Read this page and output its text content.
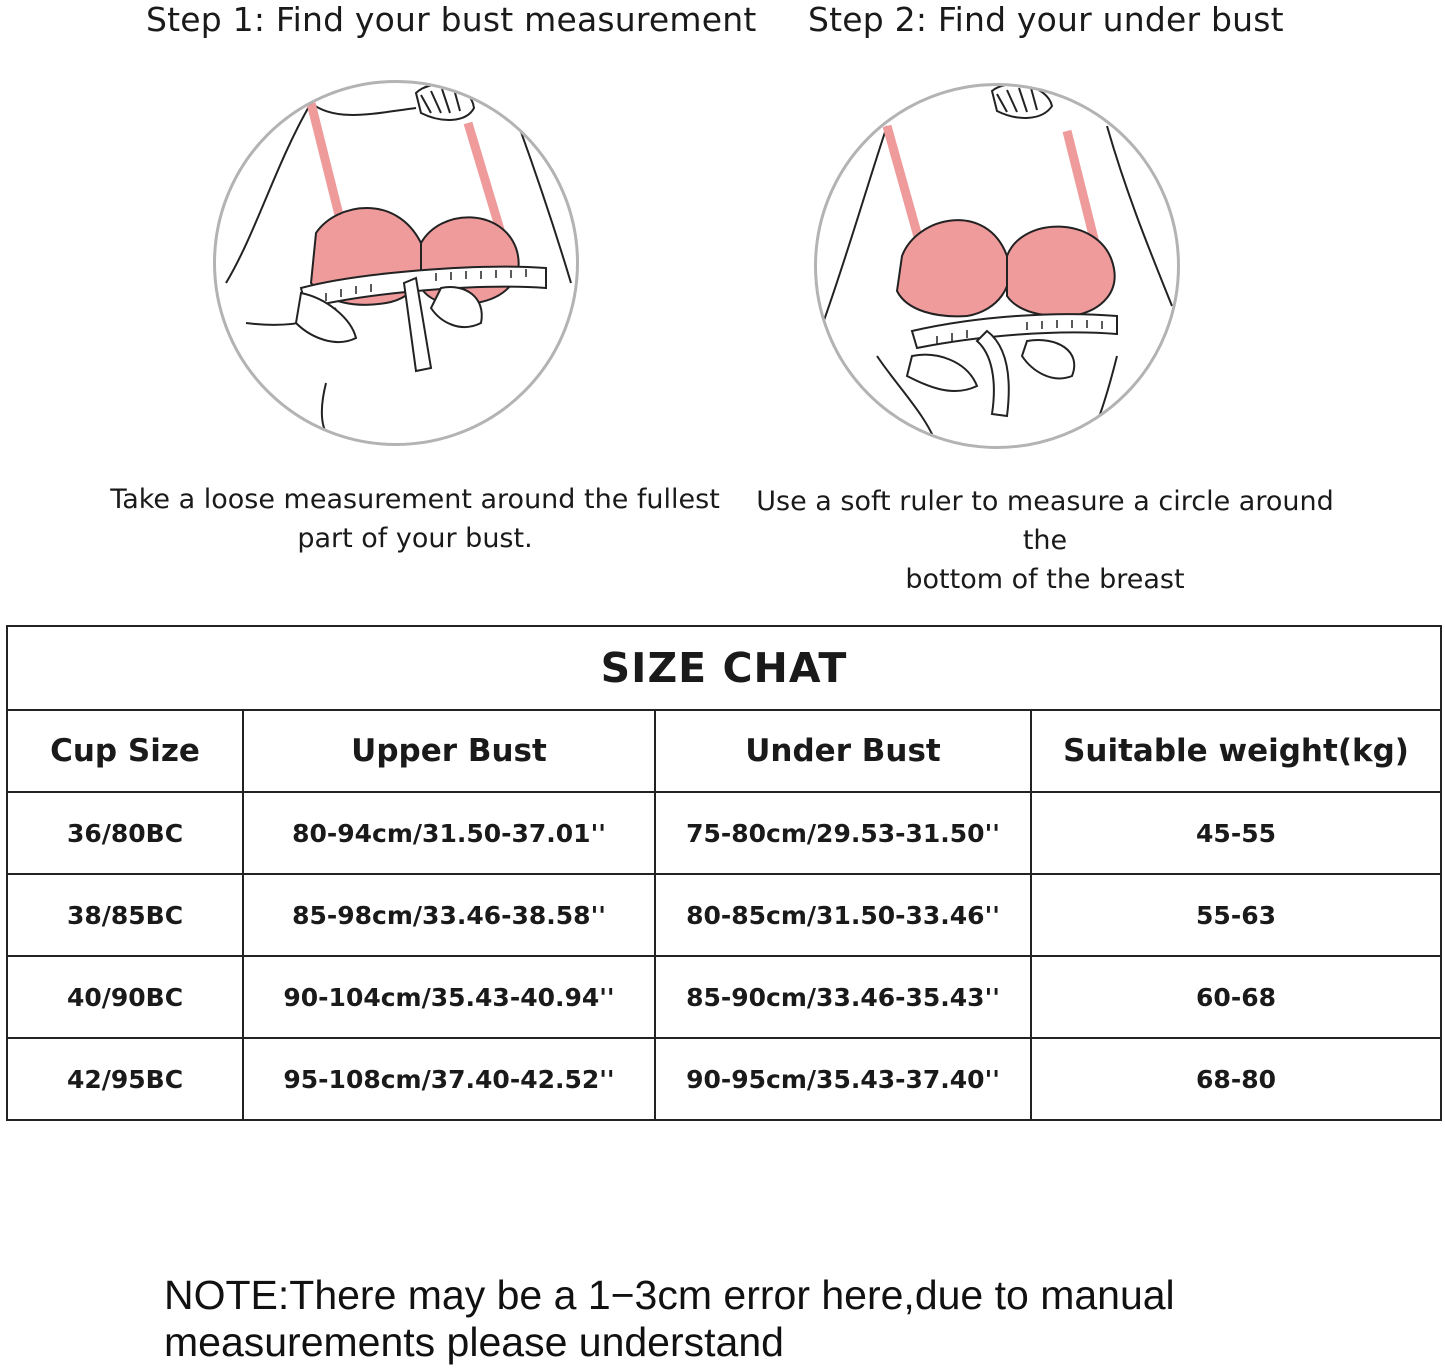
Step 1: Find your bust measurement Step 2: Find your under bust
Take a loose measurement around the fullest
part of your bust.
Use a soft ruler to measure a circle around the
bottom of the breast
SIZE CHAT			
Cup Size	Upper Bust	Under Bust	Suitable weight(kg)
36/80BC	80-94cm/31.50-37.01''	75-80cm/29.53-31.50''	45-55
38/85BC	85-98cm/33.46-38.58''	80-85cm/31.50-33.46''	55-63
40/90BC	90-104cm/35.43-40.94''	85-90cm/33.46-35.43''	60-68
42/95BC	95-108cm/37.40-42.52''	90-95cm/35.43-37.40''	68-80
NOTE:There may be a 1−3cm error here,due to manual
measurements please understand
